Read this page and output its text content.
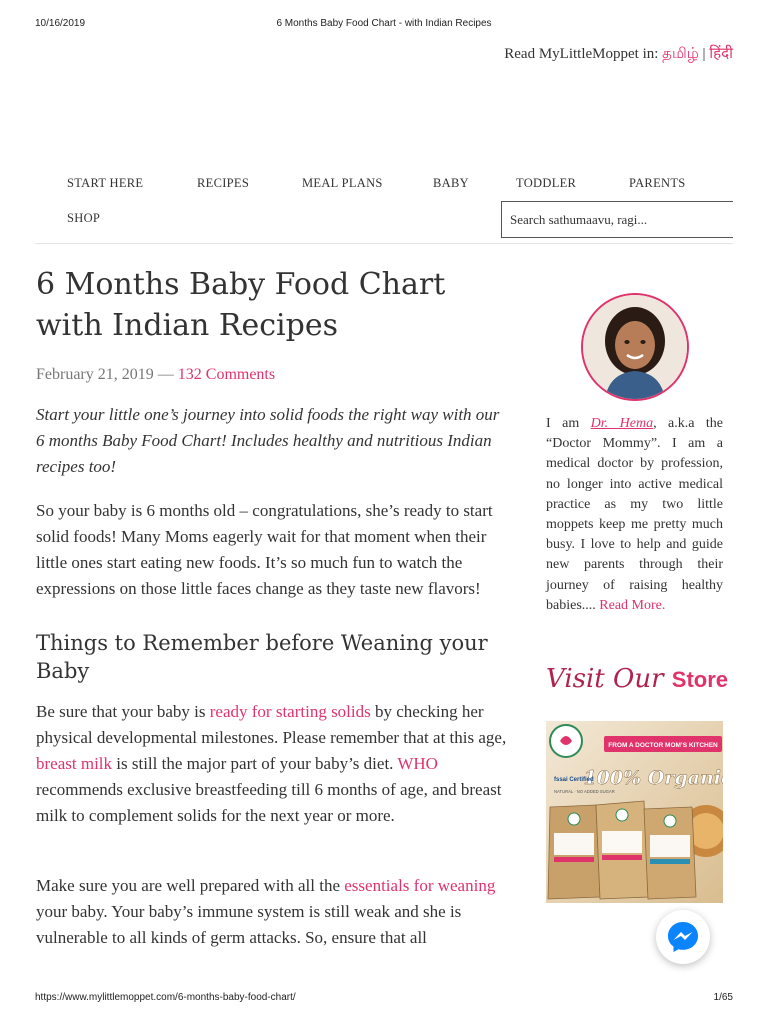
10/16/2019	6 Months Baby Food Chart - with Indian Recipes
Read MyLittleMoppet in: தமிழ் | हिंदी
START HERE	RECIPES	MEAL PLANS	BABY	TODDLER	PARENTS
SHOP
Search sathumaavu, ragi...
6 Months Baby Food Chart with Indian Recipes
February 21, 2019 — 132 Comments
Start your little one’s journey into solid foods the right way with our 6 months Baby Food Chart! Includes healthy and nutritious Indian recipes too!

So your baby is 6 months old – congratulations, she’s ready to start solid foods! Many Moms eagerly wait for that moment when their little ones start eating new foods. It’s so much fun to watch the expressions on those little faces change as they taste new flavors!

Things to Remember before Weaning your Baby

Be sure that your baby is ready for starting solids by checking her physical developmental milestones. Please remember that at this age, breast milk is still the major part of your baby’s diet. WHO recommends exclusive breastfeeding till 6 months of age, and breast milk to complement solids for the next year or more.

Make sure you are well prepared with all the essentials for weaning your baby. Your baby’s immune system is still weak and she is vulnerable to all kinds of germ attacks. So, ensure that all

I am Dr. Hema, a.k.a the “Doctor Mommy”. I am a medical doctor by profession, no longer into active medical practice as my two little moppets keep me pretty much busy. I love to help and guide new parents through their journey of raising healthy babies.... Read More.
Visit Our Store
FROM A DOCTOR MOM’S KITCHEN
100% Organic
fssai Certified
NATURAL · NO ADDED SUGAR
https://www.mylittlemoppet.com/6-months-baby-food-chart/	1/65
